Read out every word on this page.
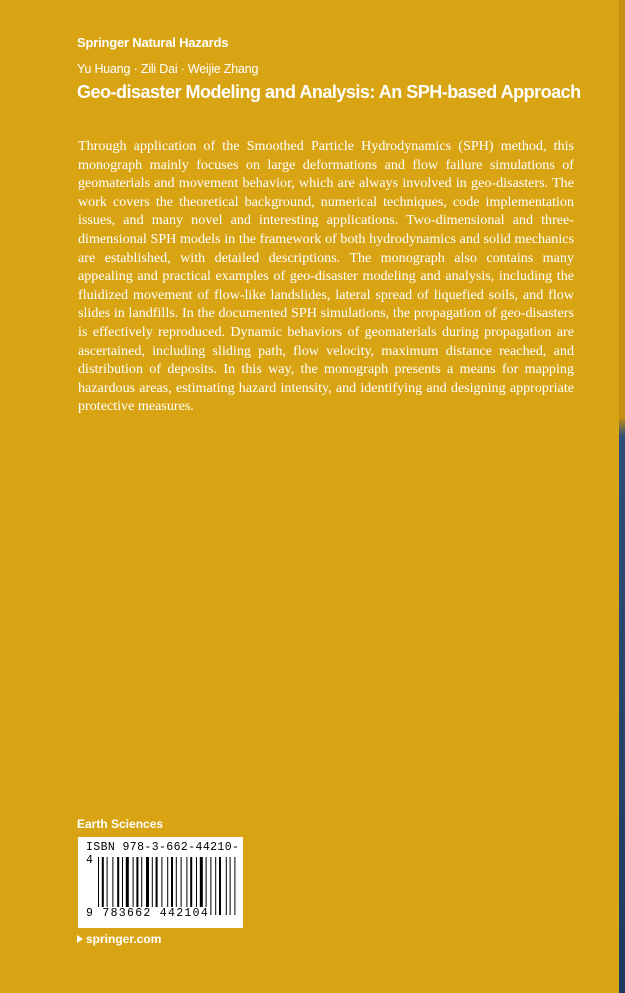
Springer Natural Hazards
Yu Huang · Zili Dai · Weijie Zhang
Geo-disaster Modeling and Analysis: An SPH-based Approach

Through application of the Smoothed Particle Hydrodynamics (SPH) method, this monograph mainly focuses on large deformations and flow failure simulations of geomaterials and movement behavior, which are always involved in geo-disasters. The work covers the theoretical background, numerical techniques, code implementation issues, and many novel and interesting applications. Two-dimensional and three-dimensional SPH models in the framework of both hydrodynamics and solid mechanics are established, with detailed descriptions. The monograph also contains many appealing and practical examples of geo-disaster modeling and analysis, including the fluidized movement of flow-like landslides, lateral spread of liquefied soils, and flow slides in landfills. In the documented SPH simulations, the propagation of geo-disasters is effectively reproduced. Dynamic behaviors of geomaterials during propagation are ascertained, including sliding path, flow velocity, maximum distance reached, and distribution of deposits. In this way, the monograph presents a means for mapping hazardous areas, estimating hazard intensity, and identifying and designing appropriate protective measures.

Earth Sciences
ISBN 978-3-662-44210-4
9 783662 442104
springer.com
